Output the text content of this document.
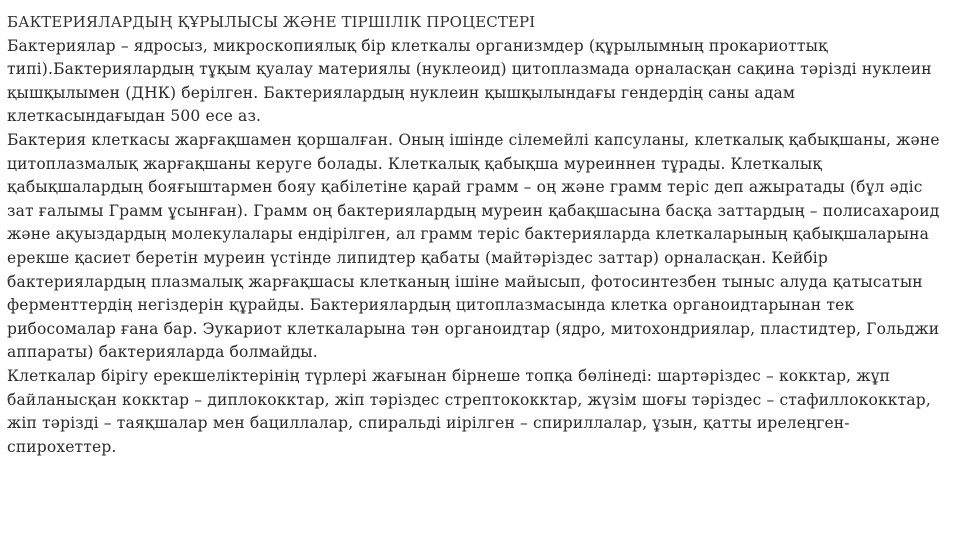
БАКТЕРИЯЛАРДЫҢ ҚҰРЫЛЫСЫ ЖӘНЕ ТІРШІЛІК ПРОЦЕСТЕРІ

Бактериялар – ядросыз, микроскопиялық бір клеткалы организмдер (құрылымның прокариоттық типі).Бактериялардың тұқым қуалау материялы (нуклеоид) цитоплазмада орналасқан сақина тәрізді нуклеин қышқылымен (ДНК) берілген. Бактериялардың нуклеин қышқылындағы гендердің саны адам клеткасындағыдан 500 есе аз.

Бактерия клеткасы жарғақшамен қоршалған. Оның ішінде сілемейлі капсуланы, клеткалық қабықшаны, және цитоплазмалық жарғақшаны керуге болады. Клеткалық қабықша муреиннен тұрады. Клеткалық қабықшалардың бояғыштармен бояу қабілетіне қарай грамм – оң және грамм теріс деп ажыратады (бұл әдіс зат ғалымы Грамм ұсынған). Грамм оң бактериялардың муреин қабақшасына басқа заттардың – полисахароид және ақуыздардың молекулалары ендірілген, ал грамм теріс бактерияларда клеткаларының қабықшаларына ерекше қасиет беретін муреин үстінде липидтер қабаты (майтәріздес заттар) орналасқан. Кейбір бактериялардың плазмалық жарғақшасы клетканың ішіне майысып, фотосинтезбен тыныс алуда қатысатын ферменттердің негіздерін құрайды. Бактериялардың цитоплазмасында клетка органоидтарынан тек рибосомалар ғана бар. Эукариот клеткаларына тән органоидтар (ядро, митохондриялар, пластидтер, Гольджи аппараты) бактерияларда болмайды.

Клеткалар бірігу ерекшеліктерінің түрлері жағынан бірнеше топқа бөлінеді: шартәріздес – кокктар, жұп байланысқан кокктар – диплококктар, жіп тәріздес стрептококктар, жүзім шоғы тәріздес – стафиллококктар, жіп тәрізді – таяқшалар мен бациллалар, спиральді иірілген – спириллалар, ұзын, қатты ирелеңген-спирохеттер.
